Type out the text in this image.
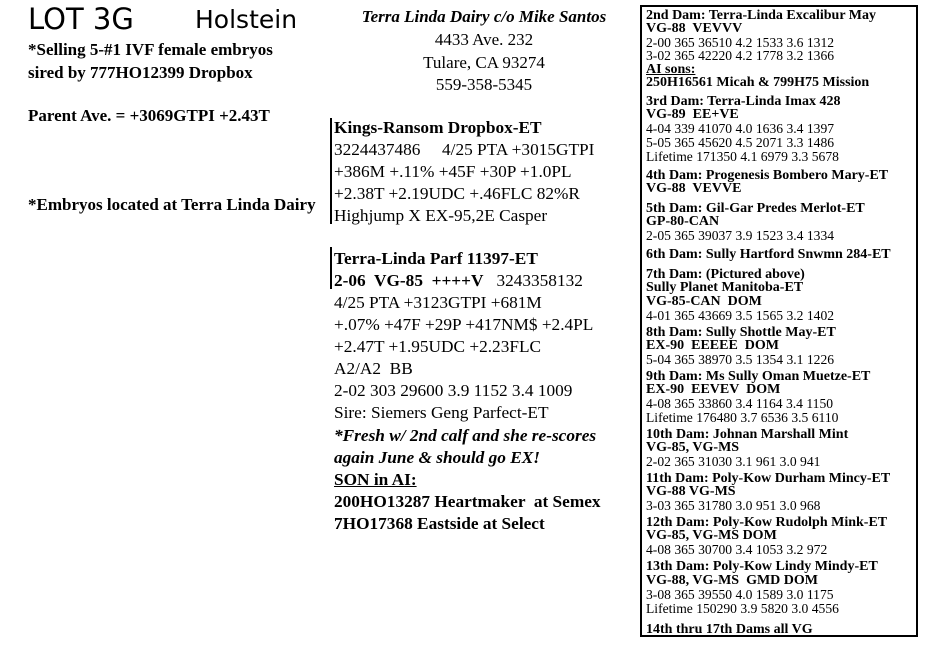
LOT 3G Holstein
*Selling 5-#1 IVF female embryos
sired by 777HO12399 Dropbox
Parent Ave. = +3069GTPI +2.43T
*Embryos located at Terra Linda Dairy
Terra Linda Dairy c/o Mike Santos
4433 Ave. 232
Tulare, CA 93274
559-358-5345
Kings-Ransom Dropbox-ET
3224437486     4/25 PTA +3015GTPI
+386M +.11% +45F +30P +1.0PL
+2.38T +2.19UDC +.46FLC 82%R
Highjump X EX-95,2E Casper
Terra-Linda Parf 11397-ET
2-06  VG-85  ++++V 3243358132
4/25 PTA +3123GTPI +681M
+.07% +47F +29P +417NM$ +2.4PL
+2.47T +1.95UDC +2.23FLC
A2/A2  BB
2-02 303 29600 3.9 1152 3.4 1009
Sire: Siemers Geng Parfect-ET
*Fresh w/ 2nd calf and she re-scores
again June & should go EX!
SON in AI:
200HO13287 Heartmaker  at Semex
7HO17368 Eastside at Select
2nd Dam: Terra-Linda Excalibur May
VG-88  VEVVV
2-00 365 36510 4.2 1533 3.6 1312
3-02 365 42220 4.2 1778 3.2 1366
AI sons:
250H16561 Micah & 799H75 Mission
3rd Dam: Terra-Linda Imax 428
VG-89  EE+VE
4-04 339 41070 4.0 1636 3.4 1397
5-05 365 45620 4.5 2071 3.3 1486
Lifetime 171350 4.1 6979 3.3 5678
4th Dam: Progenesis Bombero Mary-ET
VG-88  VEVVE
5th Dam: Gil-Gar Predes Merlot-ET
GP-80-CAN
2-05 365 39037 3.9 1523 3.4 1334
6th Dam: Sully Hartford Snwmn 284-ET
7th Dam: (Pictured above)
Sully Planet Manitoba-ET
VG-85-CAN  DOM
4-01 365 43669 3.5 1565 3.2 1402
8th Dam: Sully Shottle May-ET
EX-90  EEEEE  DOM
5-04 365 38970 3.5 1354 3.1 1226
9th Dam: Ms Sully Oman Muetze-ET
EX-90  EEVEV  DOM
4-08 365 33860 3.4 1164 3.4 1150
Lifetime 176480 3.7 6536 3.5 6110
10th Dam: Johnan Marshall Mint
VG-85, VG-MS
2-02 365 31030 3.1 961 3.0 941
11th Dam: Poly-Kow Durham Mincy-ET
VG-88 VG-MS
3-03 365 31780 3.0 951 3.0 968
12th Dam: Poly-Kow Rudolph Mink-ET
VG-85, VG-MS DOM
4-08 365 30700 3.4 1053 3.2 972
13th Dam: Poly-Kow Lindy Mindy-ET
VG-88, VG-MS  GMD DOM
3-08 365 39550 4.0 1589 3.0 1175
Lifetime 150290 3.9 5820 3.0 4556
14th thru 17th Dams all VG
